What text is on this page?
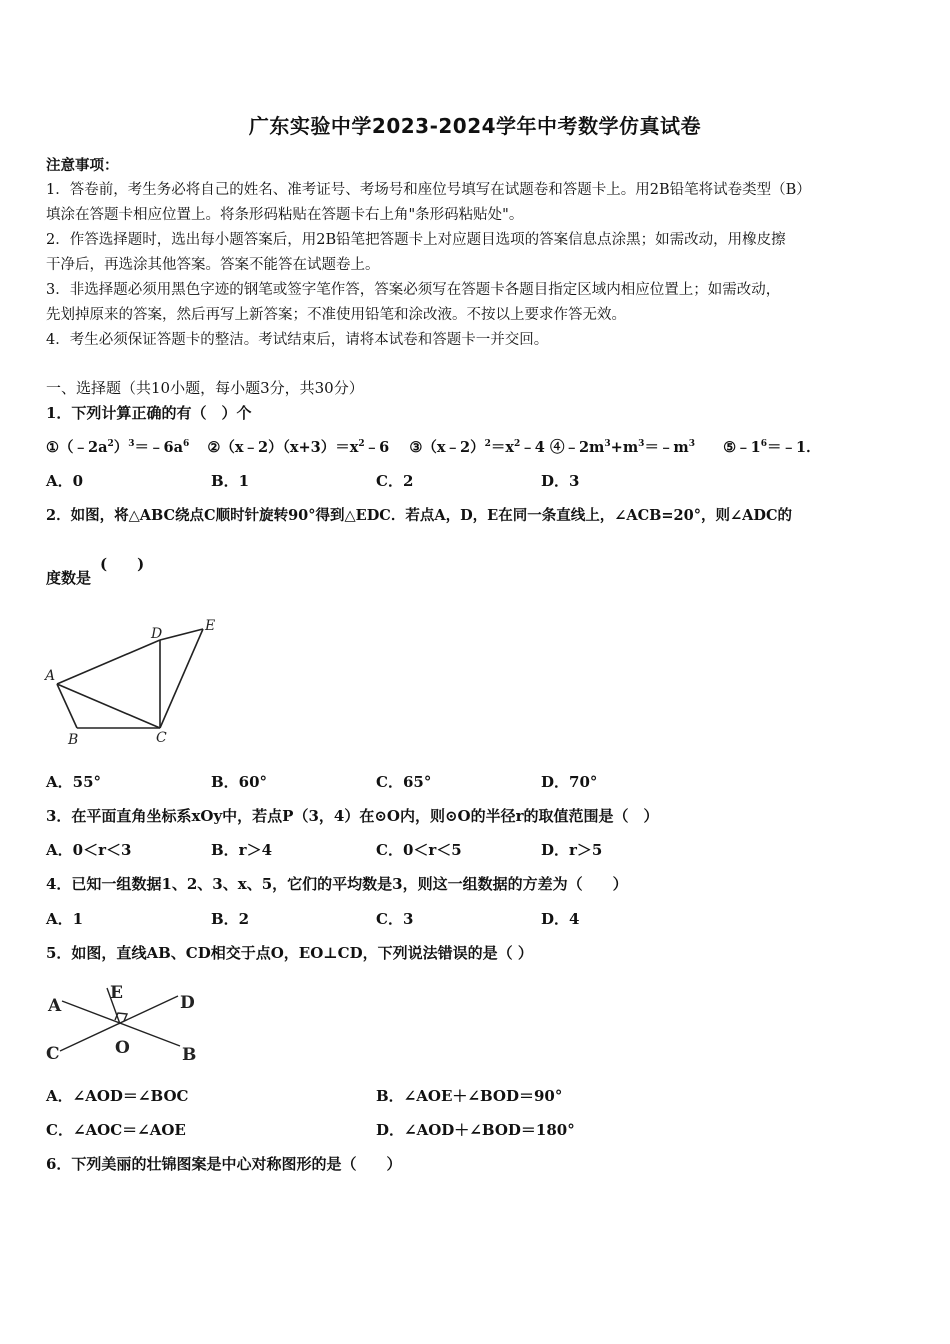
广东实验中学2023-2024学年中考数学仿真试卷
注意事项：
1．答卷前，考生务必将自己的姓名、准考证号、考场号和座位号填写在试题卷和答题卡上。用2B铅笔将试卷类型（B）
填涂在答题卡相应位置上。将条形码粘贴在答题卡右上角"条形码粘贴处"。
2．作答选择题时，选出每小题答案后，用2B铅笔把答题卡上对应题目选项的答案信息点涂黑；如需改动，用橡皮擦
干净后，再选涂其他答案。答案不能答在试题卷上。
3．非选择题必须用黑色字迹的钢笔或签字笔作答，答案必须写在答题卡各题目指定区域内相应位置上；如需改动，
先划掉原来的答案，然后再写上新答案；不准使用铅笔和涂改液。不按以上要求作答无效。
4．考生必须保证答题卡的整洁。考试结束后，请将本试卷和答题卡一并交回。
一、选择题（共10小题，每小题3分，共30分）
1．下列计算正确的有（　）个
$①(﹣2a^2)^3=﹣6a^6$ $②(x﹣2)(x+3)=x^2﹣6$ $③(x﹣2)^2=x^2﹣4$ $④﹣2m^3+m^3=﹣m^3$ $⑤﹣1^6=﹣1$．
A．0	B．1	C．2	D．3
2．如图，将△ABC绕点C顺时针旋转90°得到△EDC．若点A，D，E在同一条直线上，∠ACB=20°，则∠ADC的
(　　)
度数是
A
B	C
D	E
A．55°	B．60°	C．65°	D．70°
3．在平面直角坐标系xOy中，若点P（3，4）在⊙O内，则⊙O的半径r的取值范围是（　）
A．0＜r＜3	B．r＞4	C．0＜r＜5	D．r＞5
4．已知一组数据1、2、3、x、5，它们的平均数是3，则这一组数据的方差为（　　）
A．1	B．2	C．3	D．4
5．如图，直线AB、CD相交于点O，EO⊥CD，下列说法错误的是（ ）
A
B
C
D
E
O
A．∠AOD＝∠BOC	B．∠AOE＋∠BOD＝90°
C．∠AOC＝∠AOE	D．∠AOD＋∠BOD＝180°
6．下列美丽的壮锦图案是中心对称图形的是（　　）
